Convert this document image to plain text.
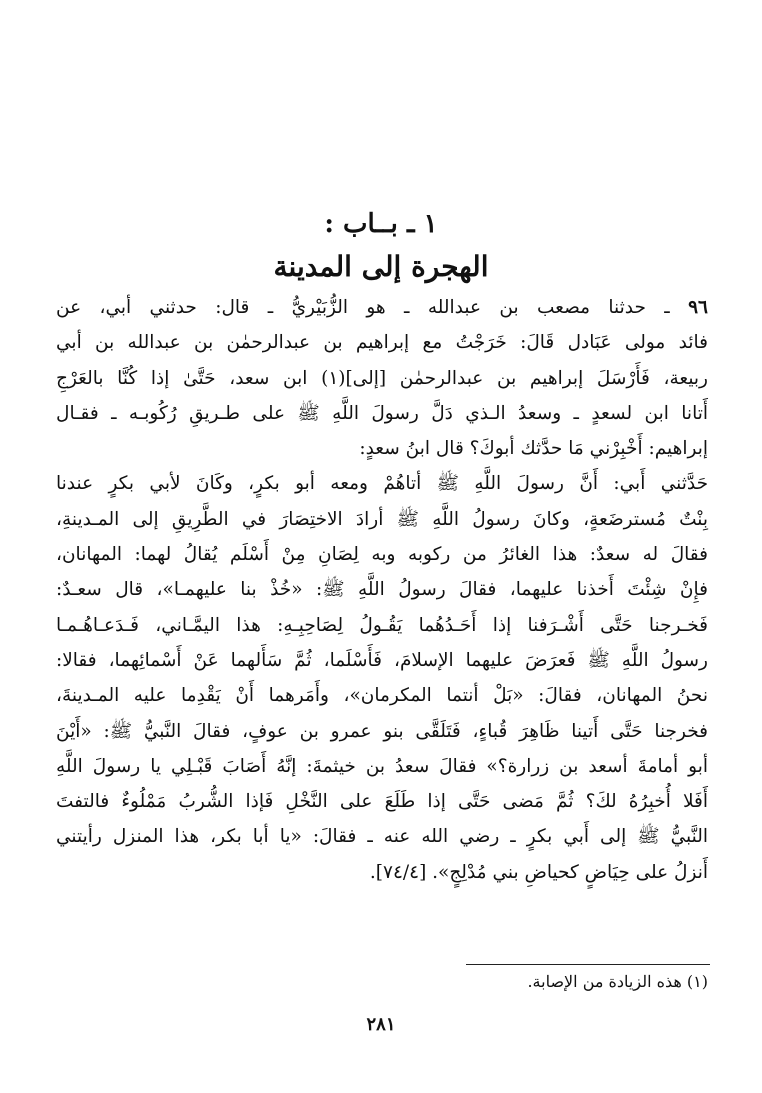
١ ـ بــاب :
الهجرة إلى المدينة
٩٦ ـ حدثنا مصعب بن عبدالله ـ هو الزُّبَيْريُّ ـ قال: حدثني أبي، عن
فائد مولى عَبَادل قَالَ: خَرَجْتُ مع إبراهيم بن عبدالرحمٰن بن عبدالله بن أبي
ربيعة، فَأَرْسَلَ إبراهيم بن عبدالرحمٰن [إلى](١) ابن سعد، حَتَّىٰ إذا كُنَّا بالعَرْجِ
أَتانا ابن لسعدٍ ـ وسعدُ الـذي دَلَّ رسولَ اللَّهِ ﷺ على طـريقِ رُكُوبـه ـ فقـال
إبراهيم: أَخْبِرْني مَا حدَّثك أبوكَ؟ قال ابنُ سعدٍ:
حَدَّثني أَبي: أَنَّ رسولَ اللَّهِ ﷺ أتاهُمْ ومعه أبو بكرٍ، وكَانَ لأبي بكرٍ عندنا
بِنْتٌ مُسترضَعةٍ، وكانَ رسولُ اللَّهِ ﷺ أرادَ الاختِصَارَ في الطَّرِيقِ إلى المـدينةِ،
فقالَ له سعدٌ: هذا الغائرُ من ركوبه وبه لِصَانِ مِنْ أَسْلَم يُقالُ لهما: المهانان،
فإِنْ شِئْتَ أَخذنا عليهما، فقالَ رسولُ اللَّهِ ﷺ: «خُذْ بنا عليهمـا»، قال سعـدٌ:
فَخـرجنا حَتَّى أَشْـرَفنا إذا أَحَـدُهُما يَقُـولُ لِصَاحِبِـهِ: هذا اليمَّـاني، فَـدَعـاهُـمـا
رسولُ اللَّهِ ﷺ فَعرَضَ عليهما الإسلامَ، فَأَسْلَما، ثُمَّ سَأَلهما عَنْ أَسْمائِهما، فقالا:
نحنُ المهانان، فقالَ: «بَلْ أنتما المكرمان»، وأَمَرهما أَنْ يَقْدِما عليه المـدينةَ،
فخرجنا حَتَّى أَتينا ظَاهِرَ قُباءٍ، فَتَلَقَّى بنو عمرو بن عوفٍ، فقالَ النَّبيُّ ﷺ: «أَيْنَ
أبو أمامةَ أسعد بن زرارة؟» فقالَ سعدُ بن خيثمةَ: إنَّهُ أَصَابَ قَبْـلِي يا رسولَ اللَّهِ
أَفَلا أُخبِرُهُ لكَ؟ ثُمَّ مَضى حَتَّى إذا طَلَعَ على النَّخْلِ فَإذا الشُّربُ مَمْلُوءٌ فالتفتَ
النَّبيُّ ﷺ إلى أَبي بكرٍ ـ رضي الله عنه ـ فقالَ: «يا أبا بكر، هذا المنزل رأيتني
أَنزلُ على حِيَاضٍ كحياضِ بني مُدْلِجٍ». [٧٤/٤].
(١) هذه الزيادة من الإصابة.
٢٨١
